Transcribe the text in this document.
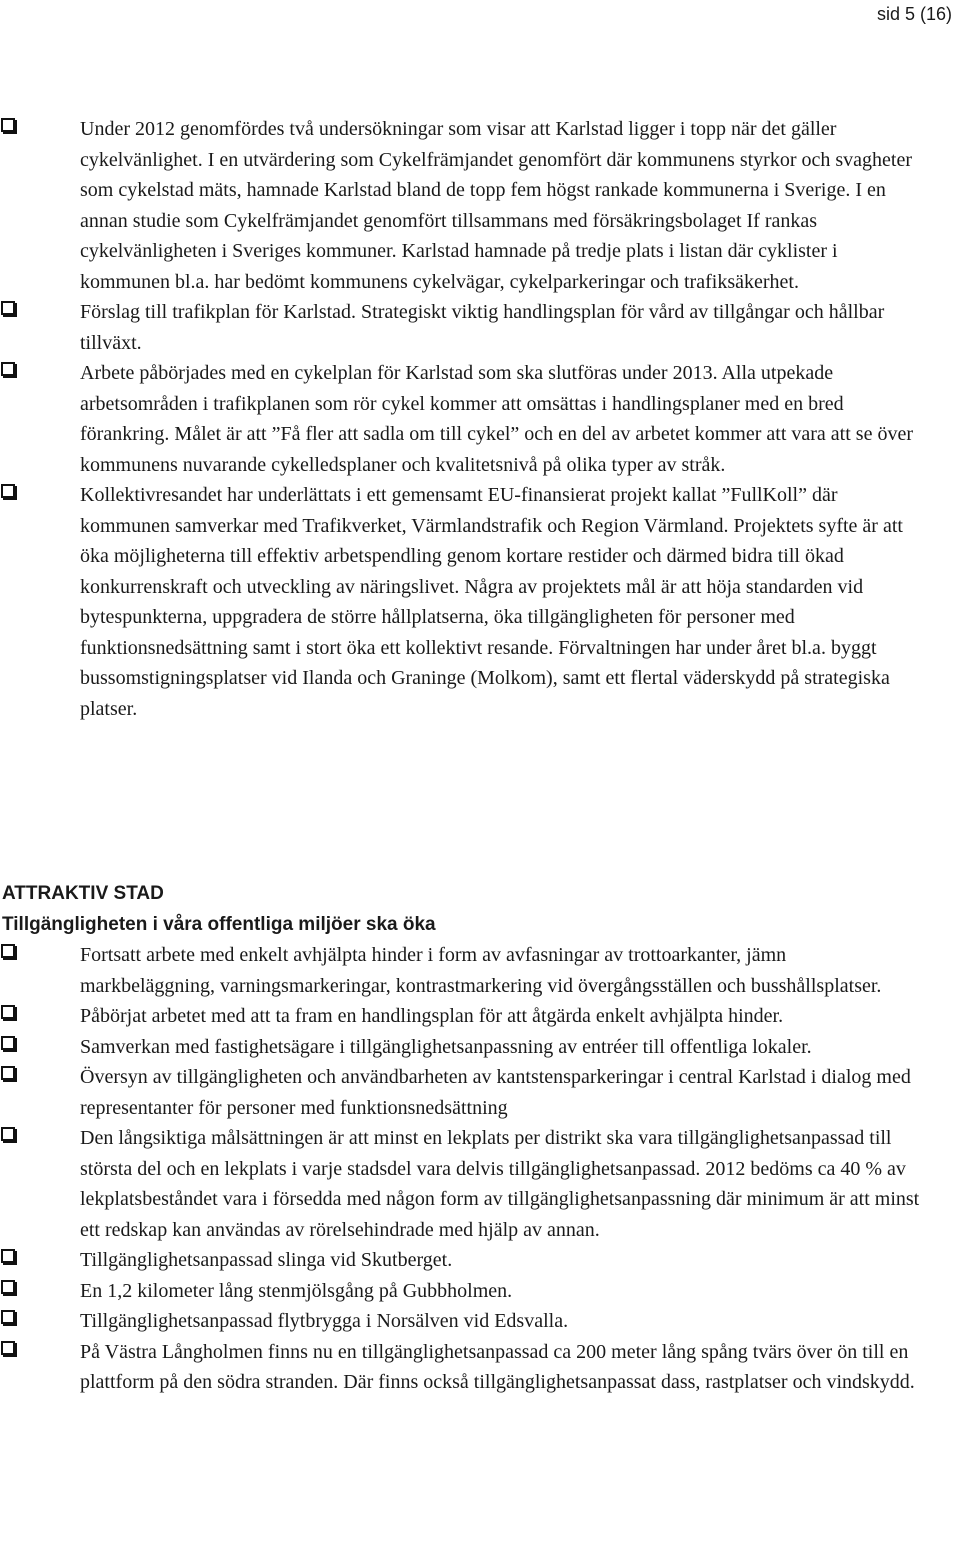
sid 5 (16)

Under 2012 genomfördes två undersökningar som visar att Karlstad ligger i topp när det gäller cykelvänlighet. I en utvärdering som Cykelfrämjandet genomfört där kommunens styrkor och svagheter som cykelstad mäts, hamnade Karlstad bland de topp fem högst rankade kommunerna i Sverige. I en annan studie som Cykelfrämjandet genomfört tillsammans med försäkringsbolaget If rankas cykelvänligheten i Sveriges kommuner. Karlstad hamnade på tredje plats i listan där cyklister i kommunen bl.a. har bedömt kommunens cykelvägar, cykelparkeringar och trafiksäkerhet.

Förslag till trafikplan för Karlstad. Strategiskt viktig handlingsplan för vård av tillgångar och hållbar tillväxt.

Arbete påbörjades med en cykelplan för Karlstad som ska slutföras under 2013. Alla utpekade arbetsområden i trafikplanen som rör cykel kommer att omsättas i handlingsplaner med en bred förankring. Målet är att ”Få fler att sadla om till cykel” och en del av arbetet kommer att vara att se över kommunens nuvarande cykelledsplaner och kvalitetsnivå på olika typer av stråk.

Kollektivresandet har underlättats i ett gemensamt EU-finansierat projekt kallat ”FullKoll” där kommunen samverkar med Trafikverket, Värmlandstrafik och Region Värmland. Projektets syfte är att öka möjligheterna till effektiv arbetspendling genom kortare restider och därmed bidra till ökad konkurrenskraft och utveckling av näringslivet. Några av projektets mål är att höja standarden vid bytespunkterna, uppgradera de större hållplatserna, öka tillgängligheten för personer med funktionsnedsättning samt i stort öka ett kollektivt resande. Förvaltningen har under året bl.a. byggt bussomstigningsplatser vid Ilanda och Graninge (Molkom), samt ett flertal väderskydd på strategiska platser.

ATTRAKTIV STAD
Tillgängligheten i våra offentliga miljöer ska öka

Fortsatt arbete med enkelt avhjälpta hinder i form av avfasningar av trottoarkanter, jämn markbeläggning, varningsmarkeringar, kontrastmarkering vid övergångsställen och busshållsplatser.

Påbörjat arbetet med att ta fram en handlingsplan för att åtgärda enkelt avhjälpta hinder.

Samverkan med fastighetsägare i tillgänglighetsanpassning av entréer till offentliga lokaler.

Översyn av tillgängligheten och användbarheten av kantstensparkeringar i central Karlstad i dialog med representanter för personer med funktionsnedsättning

Den långsiktiga målsättningen är att minst en lekplats per distrikt ska vara tillgänglighetsanpassad till största del och en lekplats i varje stadsdel vara delvis tillgänglighetsanpassad. 2012 bedöms ca 40 % av lekplatsbeståndet vara i försedda med någon form av tillgänglighetsanpassning där minimum är att minst ett redskap kan användas av rörelsehindrade med hjälp av annan.

Tillgänglighetsanpassad slinga vid Skutberget.

En 1,2 kilometer lång stenmjölsgång på Gubbholmen.

Tillgänglighetsanpassad flytbrygga i Norsälven vid Edsvalla.

På Västra Långholmen finns nu en tillgänglighetsanpassad ca 200 meter lång spång tvärs över ön till en plattform på den södra stranden. Där finns också tillgänglighetsanpassat dass, rastplatser och vindskydd.
